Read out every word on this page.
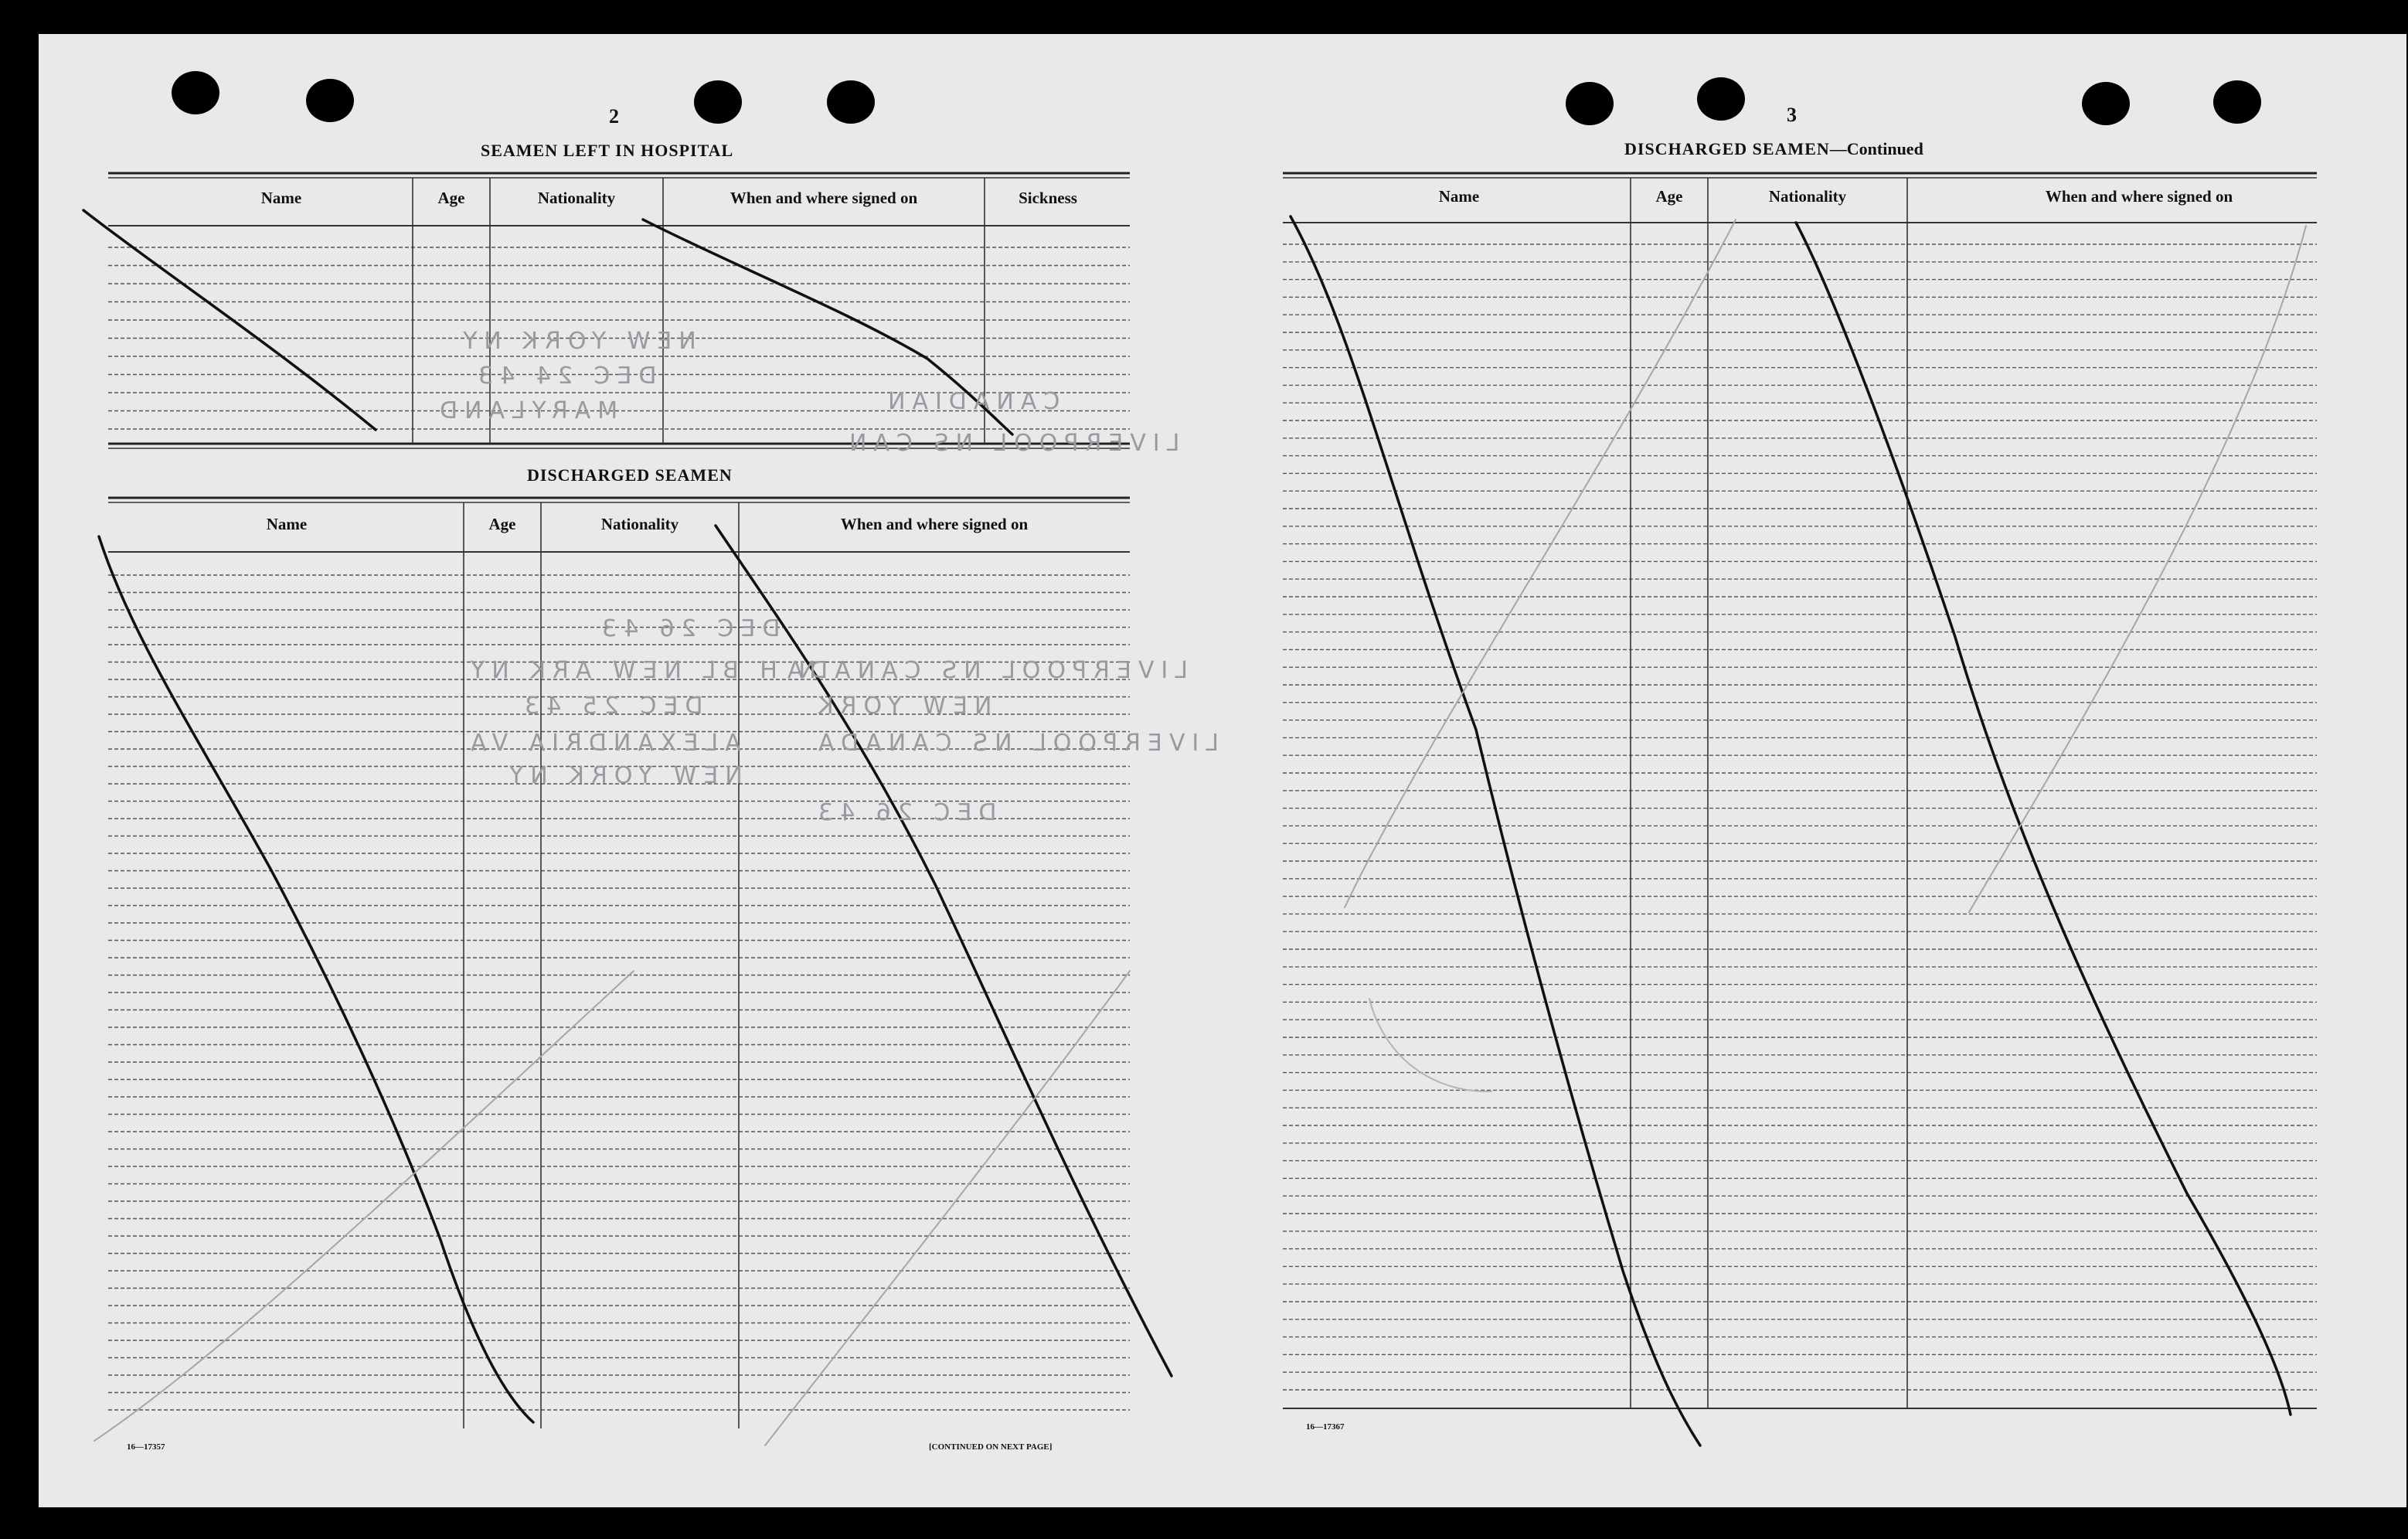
NEW YORK NY
DEC 24 43
MARYLAND	CANADIAN
LIVERPOOL NS CAN
DEC 26 43
N H BL NEW ARK NY
DEC 25 43
ALEXANDRIA VA
NEW YORK NY
LIVERPOOL NS CANADA
NEW YORK
LIVERPOOL NS CANADA
DEC 26 43
2
SEAMEN LEFT IN HOSPITAL
Name	Age	Nationality	When and where signed on	Sickness
DISCHARGED SEAMEN
Name	Age	Nationality	When and where signed on
16—17357	[CONTINUED ON NEXT PAGE]
3
DISCHARGED SEAMEN—Continued
Name	Age	Nationality	When and where signed on
16—17367
